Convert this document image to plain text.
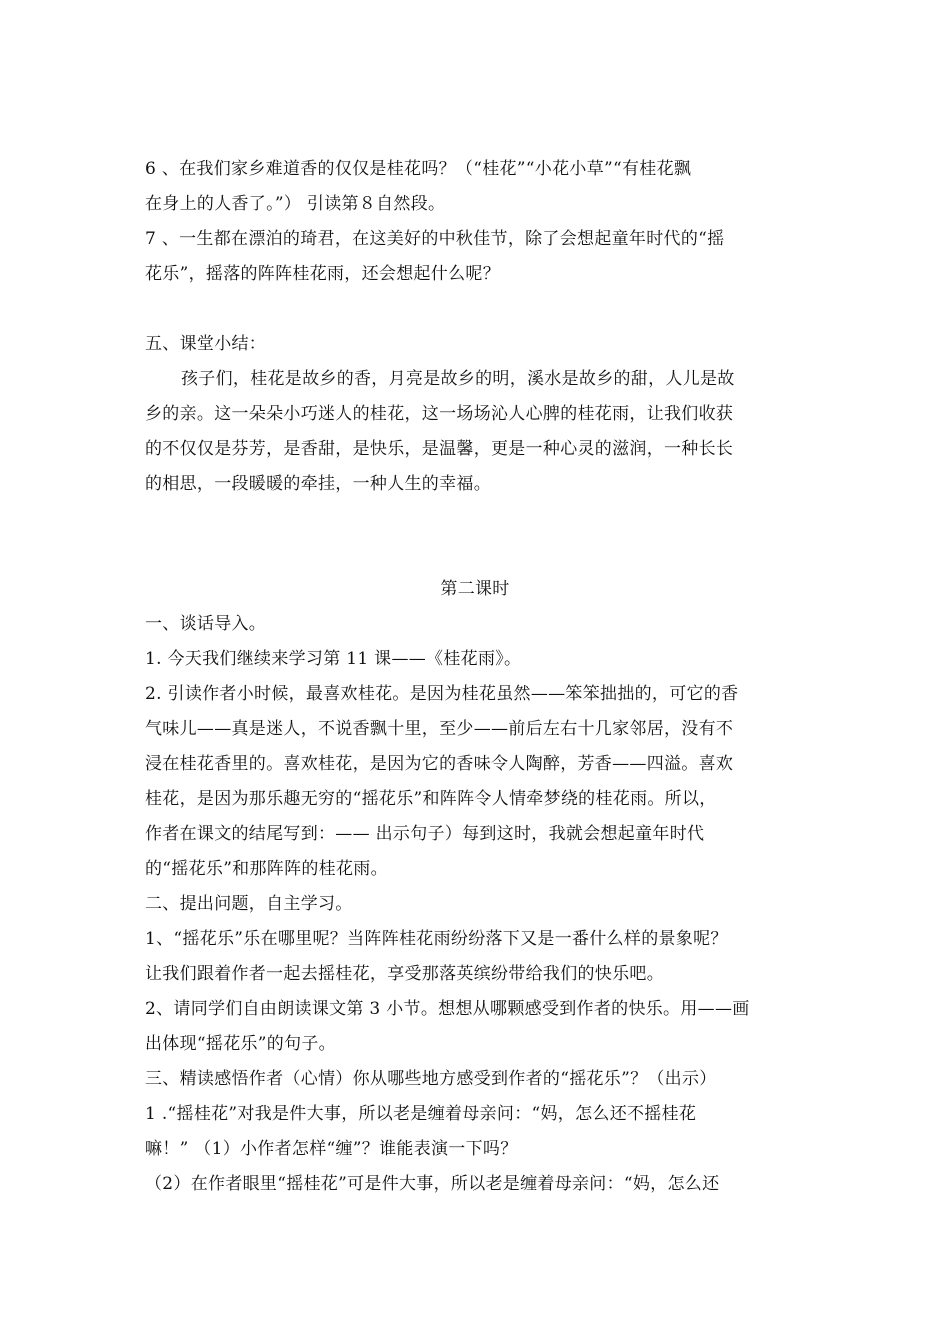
6 、在我们家乡难道香的仅仅是桂花吗？（“桂花”“小花小草”“有桂花飘
在身上的人香了。”） 引读第８自然段。
7 、一生都在漂泊的琦君，在这美好的中秋佳节，除了会想起童年时代的“摇
花乐”，摇落的阵阵桂花雨，还会想起什么呢？
五、课堂小结：
孩子们，桂花是故乡的香，月亮是故乡的明，溪水是故乡的甜，人儿是故
乡的亲。这一朵朵小巧迷人的桂花，这一场场沁人心脾的桂花雨，让我们收获
的不仅仅是芬芳，是香甜，是快乐，是温馨，更是一种心灵的滋润，一种长长
的相思，一段暖暖的牵挂，一种人生的幸福。
第二课时
一、谈话导入。
1. 今天我们继续来学习第 11 课——《桂花雨》。
2. 引读作者小时候，最喜欢桂花。是因为桂花虽然——笨笨拙拙的，可它的香
气味儿——真是迷人，不说香飘十里，至少——前后左右十几家邻居，没有不
浸在桂花香里的。喜欢桂花，是因为它的香味令人陶醉，芳香——四溢。喜欢
桂花，是因为那乐趣无穷的“摇花乐”和阵阵令人情牵梦绕的桂花雨。所以，
作者在课文的结尾写到：—— 出示句子）每到这时，我就会想起童年时代
的“摇花乐”和那阵阵的桂花雨。
二、提出问题，自主学习。
1、“摇花乐”乐在哪里呢？当阵阵桂花雨纷纷落下又是一番什么样的景象呢？
让我们跟着作者一起去摇桂花，享受那落英缤纷带给我们的快乐吧。
2、请同学们自由朗读课文第 3 小节。想想从哪颗感受到作者的快乐。用——画
出体现“摇花乐”的句子。
三、精读感悟作者（心情）你从哪些地方感受到作者的“摇花乐”？（出示）
1 .“摇桂花”对我是件大事，所以老是缠着母亲问：“妈，怎么还不摇桂花
嘛！” （1）小作者怎样“缠”？谁能表演一下吗？
（2）在作者眼里“摇桂花”可是件大事，所以老是缠着母亲问：“妈，怎么还
